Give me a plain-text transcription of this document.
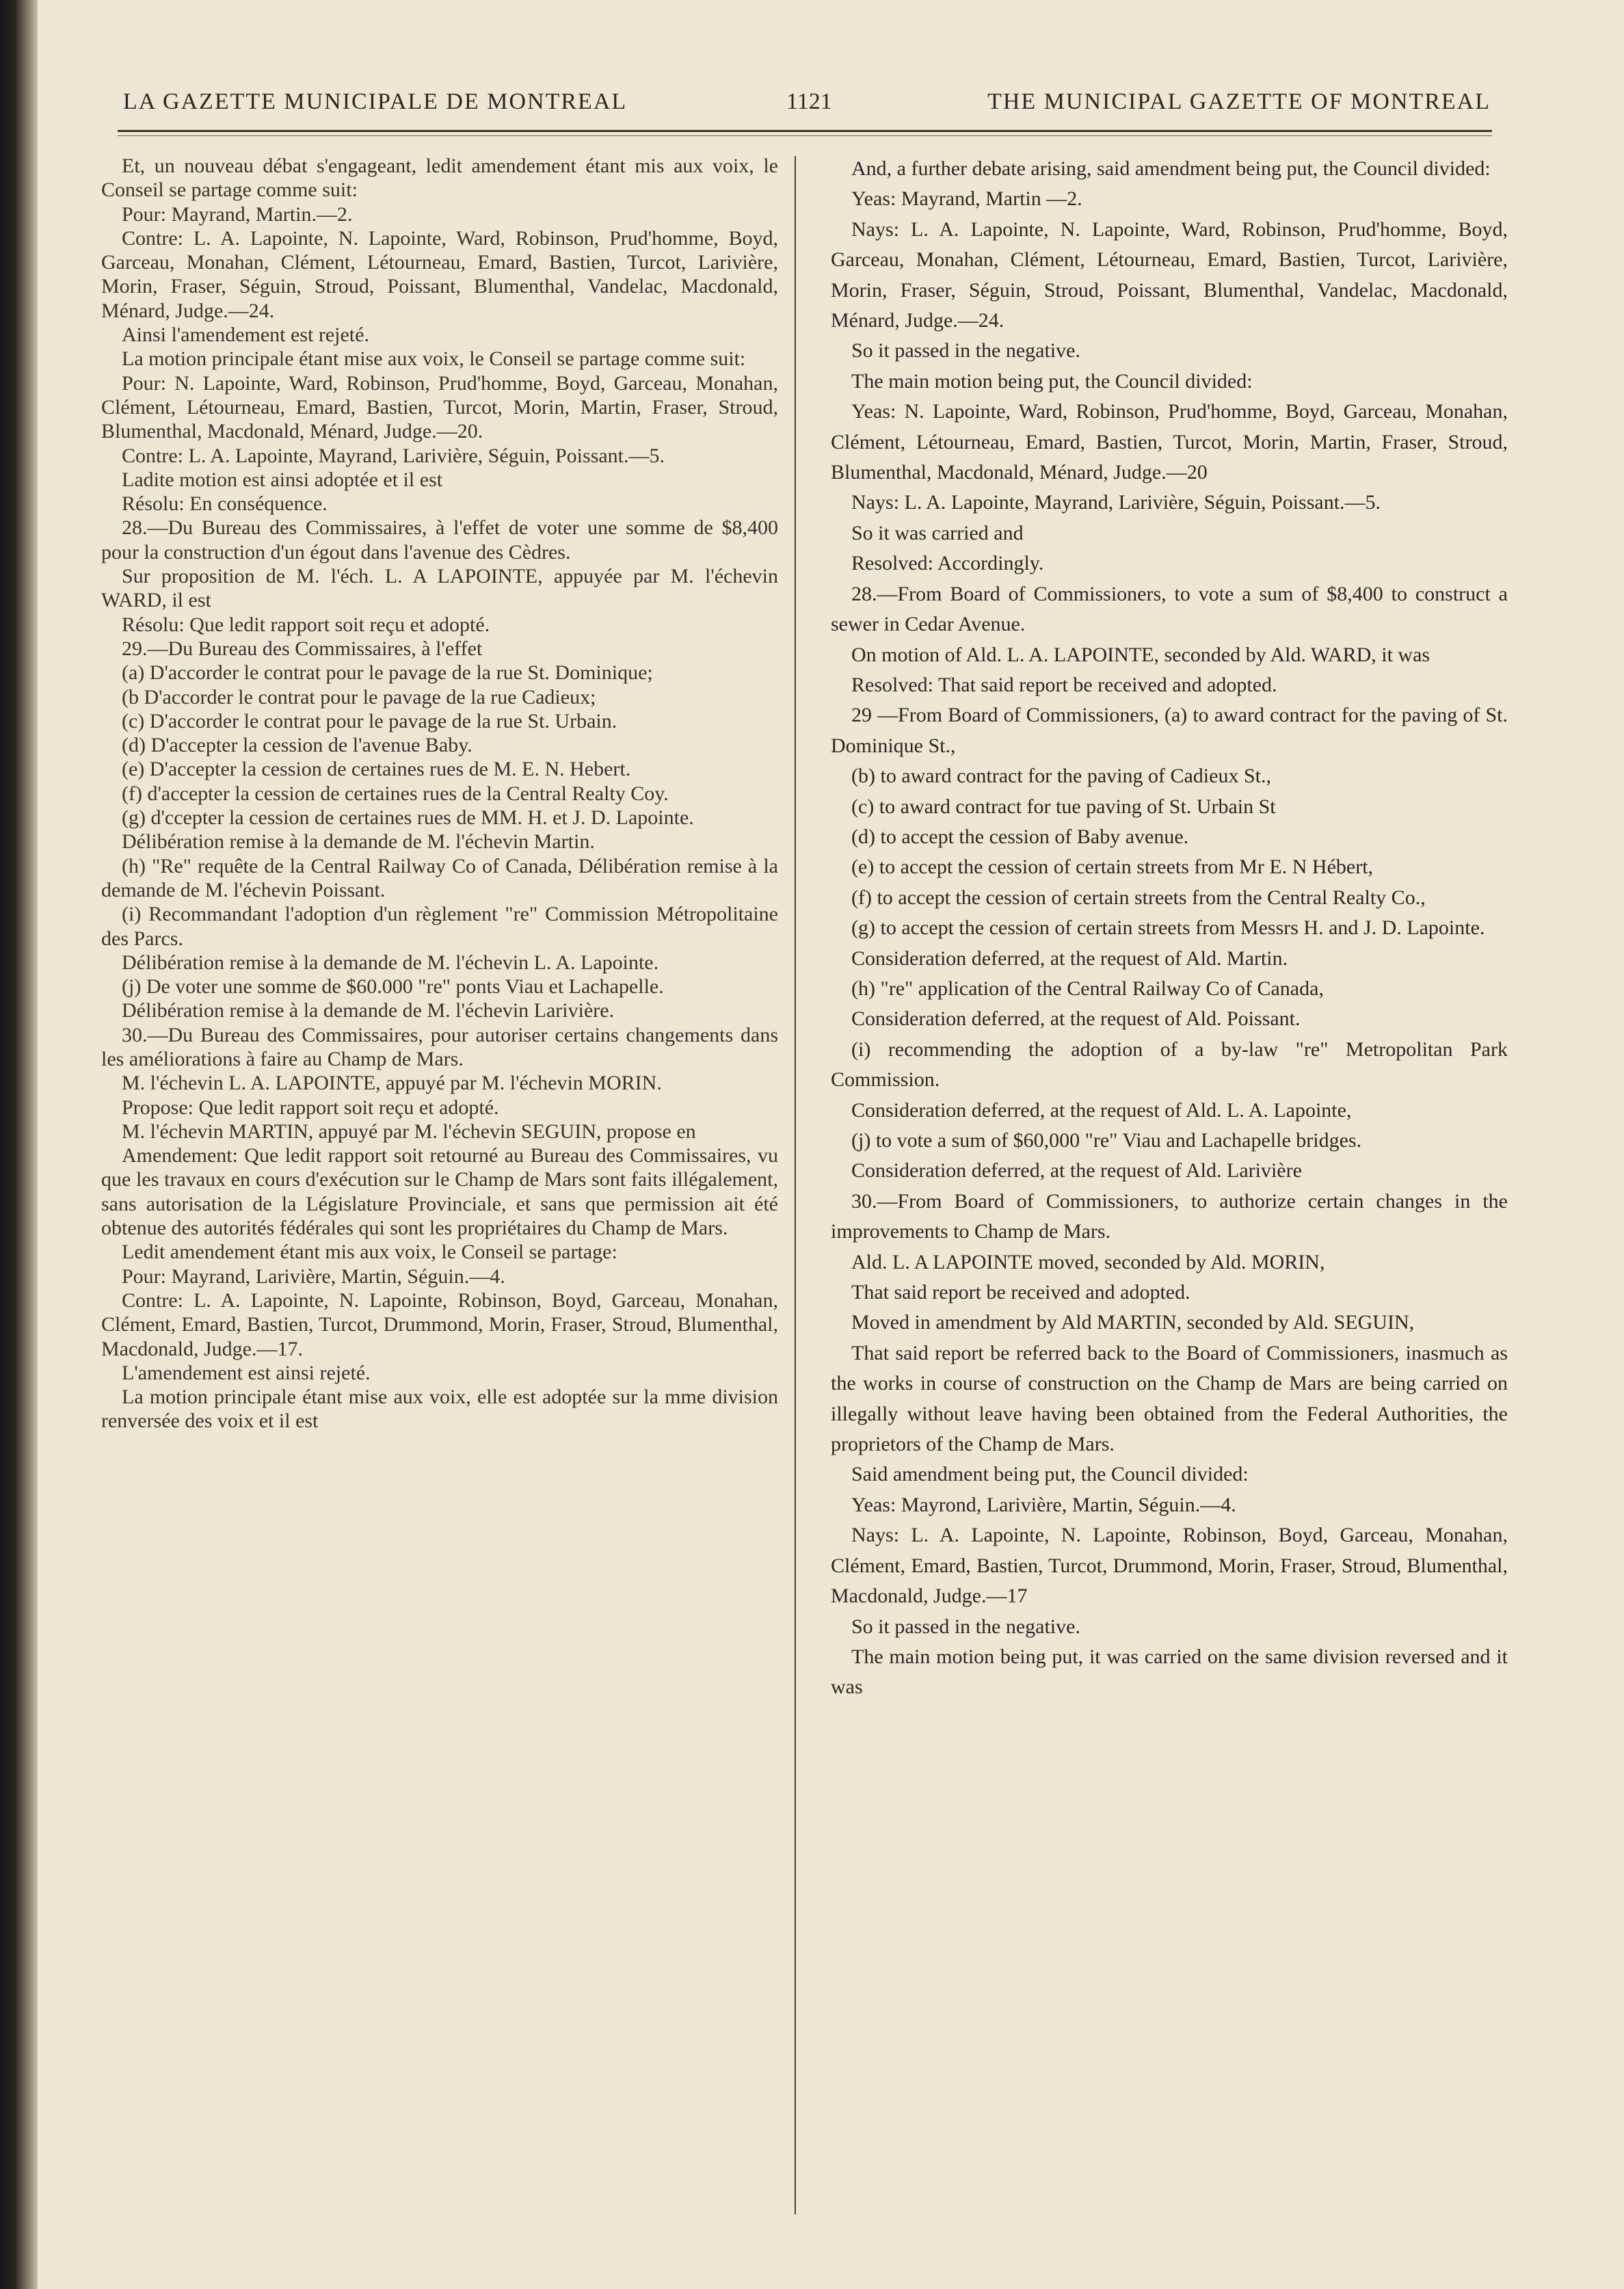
LA GAZETTE MUNICIPALE DE MONTREAL	1121	THE MUNICIPAL GAZETTE OF MONTREAL

Et, un nouveau débat s'engageant, ledit amendement étant mis aux voix, le Conseil se partage comme suit:

Pour: Mayrand, Martin.—2.

Contre: L. A. Lapointe, N. Lapointe, Ward, Robinson, Prud'homme, Boyd, Garceau, Monahan, Clément, Létourneau, Emard, Bastien, Turcot, Larivière, Morin, Fraser, Séguin, Stroud, Poissant, Blumenthal, Vandelac, Macdonald, Ménard, Judge.—24.

Ainsi l'amendement est rejeté.

La motion principale étant mise aux voix, le Conseil se partage comme suit:

Pour: N. Lapointe, Ward, Robinson, Prud'homme, Boyd, Garceau, Monahan, Clément, Létourneau, Emard, Bastien, Turcot, Morin, Martin, Fraser, Stroud, Blumenthal, Macdonald, Ménard, Judge.—20.

Contre: L. A. Lapointe, Mayrand, Larivière, Séguin, Poissant.—5.

Ladite motion est ainsi adoptée et il est

Résolu: En conséquence.

28.—Du Bureau des Commissaires, à l'effet de voter une somme de $8,400 pour la construction d'un égout dans l'avenue des Cèdres.

Sur proposition de M. l'éch. L. A LAPOINTE, appuyée par M. l'échevin WARD, il est

Résolu: Que ledit rapport soit reçu et adopté.

29.—Du Bureau des Commissaires, à l'effet

(a) D'accorder le contrat pour le pavage de la rue St. Dominique;

(b D'accorder le contrat pour le pavage de la rue Cadieux;

(c) D'accorder le contrat pour le pavage de la rue St. Urbain.

(d) D'accepter la cession de l'avenue Baby.

(e) D'accepter la cession de certaines rues de M. E. N. Hebert.

(f) d'accepter la cession de certaines rues de la Central Realty Coy.

(g) d'ccepter la cession de certaines rues de MM. H. et J. D. Lapointe.

Délibération remise à la demande de M. l'échevin Martin.

(h) "Re" requête de la Central Railway Co of Canada, Délibération remise à la demande de M. l'échevin Poissant.

(i) Recommandant l'adoption d'un règlement "re" Commission Métropolitaine des Parcs.

Délibération remise à la demande de M. l'échevin L. A. Lapointe.

(j) De voter une somme de $60.000 "re" ponts Viau et Lachapelle.

Délibération remise à la demande de M. l'échevin Larivière.

30.—Du Bureau des Commissaires, pour autoriser certains changements dans les améliorations à faire au Champ de Mars.

M. l'échevin L. A. LAPOINTE, appuyé par M. l'échevin MORIN.

Propose: Que ledit rapport soit reçu et adopté.

M. l'échevin MARTIN, appuyé par M. l'échevin SEGUIN, propose en

Amendement: Que ledit rapport soit retourné au Bureau des Commissaires, vu que les travaux en cours d'exécution sur le Champ de Mars sont faits illégalement, sans autorisation de la Législature Provinciale, et sans que permission ait été obtenue des autorités fédérales qui sont les propriétaires du Champ de Mars.

Ledit amendement étant mis aux voix, le Conseil se partage:

Pour: Mayrand, Larivière, Martin, Séguin.—4.

Contre: L. A. Lapointe, N. Lapointe, Robinson, Boyd, Garceau, Monahan, Clément, Emard, Bastien, Turcot, Drummond, Morin, Fraser, Stroud, Blumenthal, Macdonald, Judge.—17.

L'amendement est ainsi rejeté.

La motion principale étant mise aux voix, elle est adoptée sur la mme division renversée des voix et il est

And, a further debate arising, said amendment being put, the Council divided:

Yeas: Mayrand, Martin —2.

Nays: L. A. Lapointe, N. Lapointe, Ward, Robinson, Prud'homme, Boyd, Garceau, Monahan, Clément, Létourneau, Emard, Bastien, Turcot, Larivière, Morin, Fraser, Séguin, Stroud, Poissant, Blumenthal, Vandelac, Macdonald, Ménard, Judge.—24.

So it passed in the negative.

The main motion being put, the Council divided:

Yeas: N. Lapointe, Ward, Robinson, Prud'homme, Boyd, Garceau, Monahan, Clément, Létourneau, Emard, Bastien, Turcot, Morin, Martin, Fraser, Stroud, Blumenthal, Macdonald, Ménard, Judge.—20

Nays: L. A. Lapointe, Mayrand, Larivière, Séguin, Poissant.—5.

So it was carried and

Resolved: Accordingly.

28.—From Board of Commissioners, to vote a sum of $8,400 to construct a sewer in Cedar Avenue.

On motion of Ald. L. A. LAPOINTE, seconded by Ald. WARD, it was

Resolved: That said report be received and adopted.

29 —From Board of Commissioners, (a) to award contract for the paving of St. Dominique St.,

(b) to award contract for the paving of Cadieux St.,

(c) to award contract for tue paving of St. Urbain St

(d) to accept the cession of Baby avenue.

(e) to accept the cession of certain streets from Mr E. N Hébert,

(f) to accept the cession of certain streets from the Central Realty Co.,

(g) to accept the cession of certain streets from Messrs H. and J. D. Lapointe.

Consideration deferred, at the request of Ald. Martin.

(h) "re" application of the Central Railway Co of Canada,

Consideration deferred, at the request of Ald. Poissant.

(i) recommending the adoption of a by-law "re" Metropolitan Park Commission.

Consideration deferred, at the request of Ald. L. A. Lapointe,

(j) to vote a sum of $60,000 "re" Viau and Lachapelle bridges.

Consideration deferred, at the request of Ald. Larivière

30.—From Board of Commissioners, to authorize certain changes in the improvements to Champ de Mars.

Ald. L. A LAPOINTE moved, seconded by Ald. MORIN,

That said report be received and adopted.

Moved in amendment by Ald MARTIN, seconded by Ald. SEGUIN,

That said report be referred back to the Board of Commissioners, inasmuch as the works in course of construction on the Champ de Mars are being carried on illegally without leave having been obtained from the Federal Authorities, the proprietors of the Champ de Mars.

Said amendment being put, the Council divided:

Yeas: Mayrond, Larivière, Martin, Séguin.—4.

Nays: L. A. Lapointe, N. Lapointe, Robinson, Boyd, Garceau, Monahan, Clément, Emard, Bastien, Turcot, Drummond, Morin, Fraser, Stroud, Blumenthal, Macdonald, Judge.—17

So it passed in the negative.

The main motion being put, it was carried on the same division reversed and it was
